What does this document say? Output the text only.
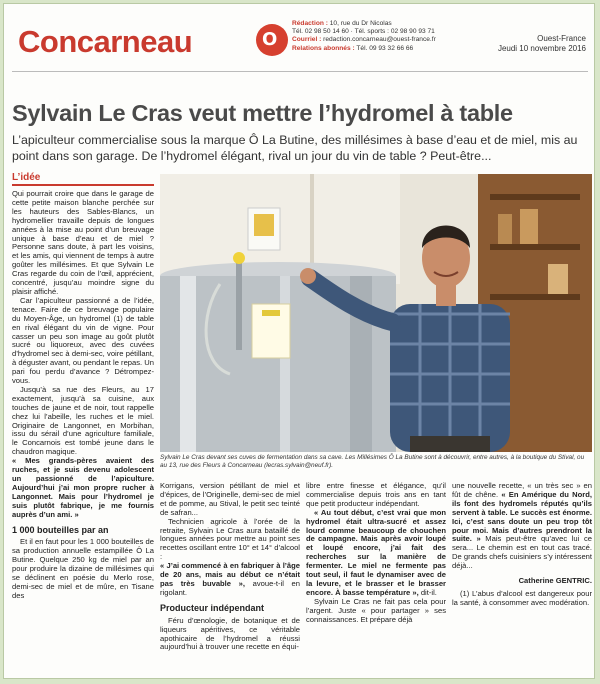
Concarneau	O
Rédaction : 10, rue du Dr Nicolas
Tél. 02 98 50 14 60 · Tél. sports : 02 98 90 93 71
Courriel : redaction.concarneau@ouest-france.fr
Relations abonnés : Tél. 09 93 32 66 66
Ouest-France
Jeudi 10 novembre 2016
Sylvain Le Cras veut mettre l’hydromel à table
L’apiculteur commercialise sous la marque Ô La Butine, des millésimes à base d’eau et de miel, mis au point dans son garage. De l’hydromel élégant, rival un jour du vin de table ? Peut-être...
L’idée

Qui pourrait croire que dans le garage de cette petite maison blanche perchée sur les hauteurs des Sables-Blancs, un hydromellier travaille depuis de longues années à la mise au point d’un breuvage unique à base d’eau et de miel ? Personne sans doute, à part les voisins, et les amis, qui viennent de temps à autre goûter les millésimes. Et que Sylvain Le Cras regarde du coin de l’œil, apprécient, concentré, jusqu’au moindre signe du plaisir affiché.

Car l’apiculteur passionné a de l’idée, tenace. Faire de ce breuvage populaire du Moyen-Âge, un hydromel (1) de table en rival élégant du vin de vigne. Pour casser un peu son image au goût plutôt sucré ou liquoreux, avec des cuvées d’hydromel sec à demi-sec, voire pétillant, à déguster avant, ou pendant le repas. Un pari fou perdu d’avance ? Détrompez-vous.

Jusqu’à sa rue des Fleurs, au 17 exactement, jusqu’à sa cuisine, aux touches de jaune et de noir, tout rappelle chez lui l’abeille, les ruches et le miel. Originaire de Langonnet, en Morbihan, issu du sérail d’une agriculture familiale, le Concarnois est tombé jeune dans le chaudron magique.

« Mes grands-pères avaient des ruches, et je suis devenu adolescent un passionné de l’apiculture. Aujourd’hui j’ai mon propre rucher à Langonnet. Mais pour l’hydromel je suis plutôt fabrique, je me fournis auprès d’un ami. »

1 000 bouteilles par an

Et il en faut pour les 1 000 bouteilles de sa production annuelle estampillée Ô La Butine. Quelque 250 kg de miel par an pour produire la dizaine de millésimes qui se déclinent en poésie du Merlo rose, demi-sec de miel et de mûre, en Tisane des

Sylvain Le Cras devant ses cuves de fermentation dans sa cave. Les Millésimes Ô La Butine sont à découvrir, entre autres, à la boutique du Stival, ou au 13, rue des Fleurs à Concarneau (lecras.sylvain@neuf.fr).

Korrigans, version pétillant de miel et d’épices, de l’Originelle, demi-sec de miel et de pomme, au Stival, le petit sec teinté de safran...

Technicien agricole à l’orée de la retraite, Sylvain Le Cras aura bataillé de longues années pour mettre au point ses recettes oscillant entre 10° et 14° d’alcool :

« J’ai commencé à en fabriquer à l’âge de 20 ans, mais au début ce n’était pas très buvable », avoue-t-il en rigolant.

Producteur indépendant

Féru d’œnologie, de botanique et de liqueurs apéritives, ce véritable apothicaire de l’hydromel a réussi aujourd’hui à trouver une recette en équi-

libre entre finesse et élégance, qu’il commercialise depuis trois ans en tant que petit producteur indépendant.

« Au tout début, c’est vrai que mon hydromel était ultra-sucré et assez lourd comme beaucoup de chouchen de campagne. Mais après avoir loupé et loupé encore, j’ai fait des recherches sur la manière de fermenter. Le miel ne fermente pas tout seul, il faut le dynamiser avec de la levure, et le brasser et le brasser encore. À basse température », dit-il.

Sylvain Le Cras ne fait pas cela pour l’argent. Juste « pour partager » ses connaissances. Et prépare déjà

une nouvelle recette, « un très sec » en fût de chêne. « En Amérique du Nord, ils font des hydromels réputés qu’ils servent à table. Le succès est énorme. Ici, c’est sans doute un peu trop tôt pour moi. Mais d’autres prendront la suite. » Mais peut-être qu’avec lui ce sera... Le chemin est en tout cas tracé. De grands chefs cuisiniers s’y intéressent déjà...

Catherine GENTRIC.

(1) L’abus d’alcool est dangereux pour la santé, à consommer avec modération.
